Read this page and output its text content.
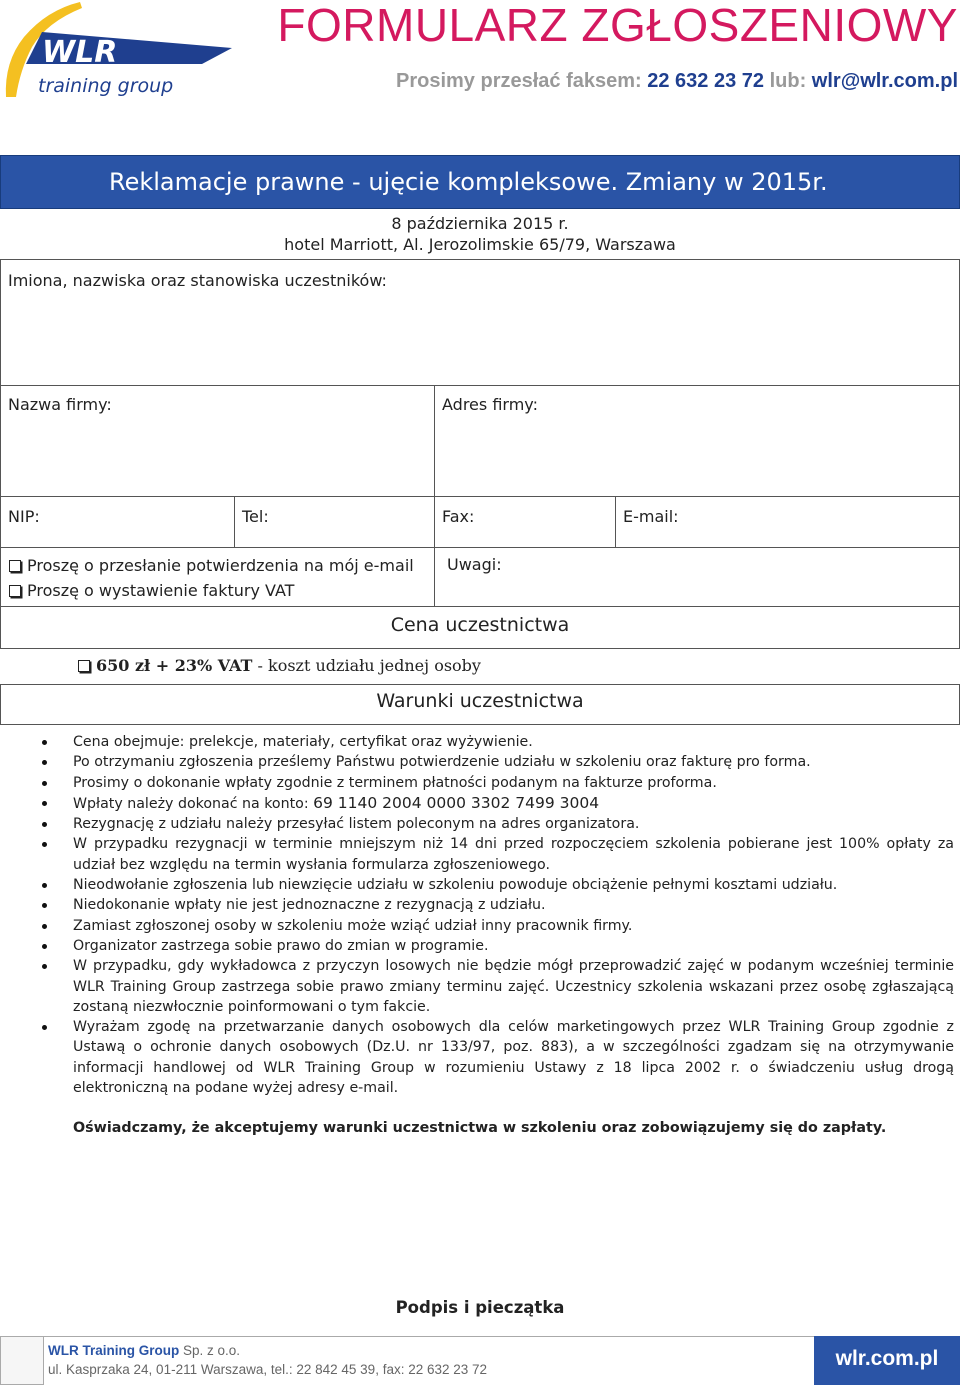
WLR
training group
FORMULARZ ZGŁOSZENIOWY
Prosimy przesłać faksem: 22 632 23 72 lub: wlr@wlr.com.pl
Reklamacje prawne - ujęcie kompleksowe. Zmiany w 2015r.
8 października 2015 r.
hotel Marriott, Al. Jerozolimskie 65/79, Warszawa
Imiona, nazwiska oraz stanowiska uczestników:
Nazwa firmy:	Adres firmy:
NIP:	Tel:	Fax:	E-mail:
Proszę o przesłanie potwierdzenia na mój e-mail
Proszę o wystawienie faktury VAT
Uwagi:
Cena uczestnictwa
650 zł + 23% VAT - koszt udziału jednej osoby
Warunki uczestnictwa
Cena obejmuje: prelekcje, materiały, certyfikat oraz wyżywienie.
Po otrzymaniu zgłoszenia prześlemy Państwu potwierdzenie udziału w szkoleniu oraz fakturę pro forma.
Prosimy o dokonanie wpłaty zgodnie z terminem płatności podanym na fakturze proforma.
Wpłaty należy dokonać na konto: 69 1140 2004 0000 3302 7499 3004
Rezygnację z udziału należy przesyłać listem poleconym na adres organizatora.
W przypadku rezygnacji w terminie mniejszym niż 14 dni przed rozpoczęciem szkolenia pobierane jest 100% opłaty za udział bez względu na termin wysłania formularza zgłoszeniowego.
Nieodwołanie zgłoszenia lub niewzięcie udziału w szkoleniu powoduje obciążenie pełnymi kosztami udziału.
Niedokonanie wpłaty nie jest jednoznaczne z rezygnacją z udziału.
Zamiast zgłoszonej osoby w szkoleniu może wziąć udział inny pracownik firmy.
Organizator zastrzega sobie prawo do zmian w programie.
W przypadku, gdy wykładowca z przyczyn losowych nie będzie mógł przeprowadzić zajęć w podanym wcześniej terminie WLR Training Group zastrzega sobie prawo zmiany terminu zajęć. Uczestnicy szkolenia wskazani przez osobę zgłaszającą zostaną niezwłocznie poinformowani o tym fakcie.
Wyrażam zgodę na przetwarzanie danych osobowych dla celów marketingowych przez WLR Training Group zgodnie z Ustawą o ochronie danych osobowych (Dz.U. nr 133/97, poz. 883), a w szczególności zgadzam się na otrzymywanie informacji handlowej od WLR Training Group w rozumieniu Ustawy z 18 lipca 2002 r. o świadczeniu usług drogą elektroniczną na podane wyżej adresy e-mail.
Oświadczamy, że akceptujemy warunki uczestnictwa w szkoleniu oraz zobowiązujemy się do zapłaty.
Podpis i pieczątka
WLR Training Group Sp. z o.o.
ul. Kasprzaka 24, 01-211 Warszawa, tel.: 22 842 45 39, fax: 22 632 23 72	wlr.com.pl
